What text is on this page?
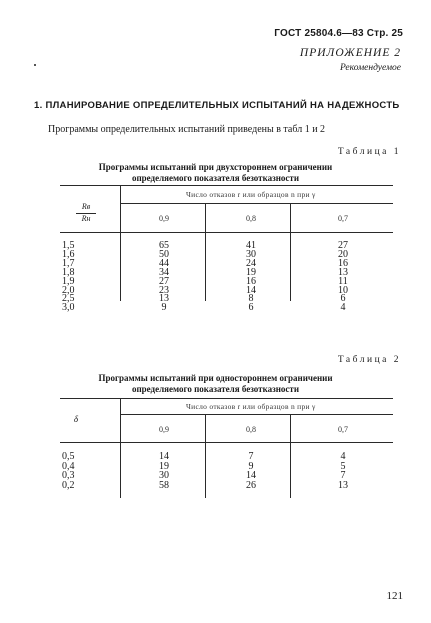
ГОСТ 25804.6—83 Стр. 25
ПРИЛОЖЕНИЕ 2
Рекомендуемое
1. ПЛАНИРОВАНИЕ ОПРЕДЕЛИТЕЛЬНЫХ ИСПЫТАНИЙ НА НАДЕЖНОСТЬ
Программы определительных испытаний приведены в табл 1 и 2
Таблица 1
Программы испытаний при двухстороннем ограничении
определяемого показателя безотказности
Число отказов r или образцов n при γ
Rв
Rн	0,9	0,8	0,7
1,5	65	41	27
1,6	50	30	20
1,7	44	24	16
1,8	34	19	13
1,9	27	16	11
2,0	23	14	10
2,5	13	8	6
3,0	9	6	4
Таблица 2
Программы испытаний при одностороннем ограничении
определяемого показателя безотказности
Число отказов r или образцов n при γ
δ
0,9	0,8	0,7
0,5	14	7	4
0,4	19	9	5
0,3	30	14	7
0,2	58	26	13
121
